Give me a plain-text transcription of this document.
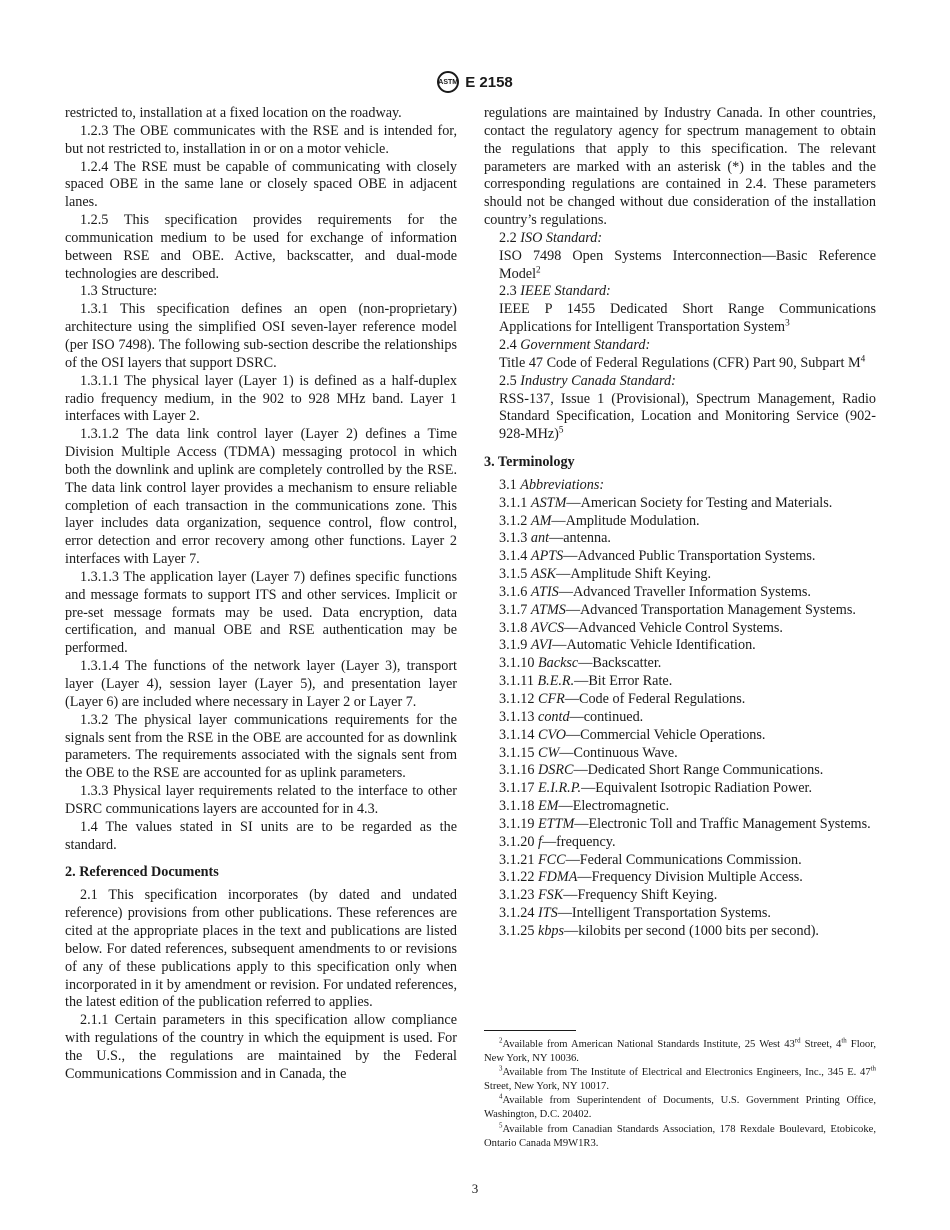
ASTM E 2158

restricted to, installation at a fixed location on the roadway.

1.2.3 The OBE communicates with the RSE and is intended for, but not restricted to, installation in or on a motor vehicle.

1.2.4 The RSE must be capable of communicating with closely spaced OBE in the same lane or closely spaced OBE in adjacent lanes.

1.2.5 This specification provides requirements for the communication medium to be used for exchange of information between RSE and OBE. Active, backscatter, and dual-mode technologies are described.

1.3 Structure:

1.3.1 This specification defines an open (non-proprietary) architecture using the simplified OSI seven-layer reference model (per ISO 7498). The following sub-section describe the relationships of the OSI layers that support DSRC.

1.3.1.1 The physical layer (Layer 1) is defined as a half-duplex radio frequency medium, in the 902 to 928 MHz band. Layer 1 interfaces with Layer 2.

1.3.1.2 The data link control layer (Layer 2) defines a Time Division Multiple Access (TDMA) messaging protocol in which both the downlink and uplink are completely controlled by the RSE. The data link control layer provides a mechanism to ensure reliable completion of each transaction in the communications zone. This layer includes data organization, sequence control, flow control, error detection and error recovery among other functions. Layer 2 interfaces with Layer 7.

1.3.1.3 The application layer (Layer 7) defines specific functions and message formats to support ITS and other services. Implicit or pre-set message formats may be used. Data encryption, data certification, and manual OBE and RSE authentication may be performed.

1.3.1.4 The functions of the network layer (Layer 3), transport layer (Layer 4), session layer (Layer 5), and presentation layer (Layer 6) are included where necessary in Layer 2 or Layer 7.

1.3.2 The physical layer communications requirements for the signals sent from the RSE in the OBE are accounted for as downlink parameters. The requirements associated with the signals sent from the OBE to the RSE are accounted for as uplink parameters.

1.3.3 Physical layer requirements related to the interface to other DSRC communications layers are accounted for in 4.3.

1.4 The values stated in SI units are to be regarded as the standard.

2. Referenced Documents

2.1 This specification incorporates (by dated and undated reference) provisions from other publications. These references are cited at the appropriate places in the text and publications are listed below. For dated references, subsequent amendments to or revisions of any of these publications apply to this specification only when incorporated in it by amendment or revision. For undated references, the latest edition of the publication referred to applies.

2.1.1 Certain parameters in this specification allow compliance with regulations of the country in which the equipment is used. For the U.S., the regulations are maintained by the Federal Communications Commission and in Canada, the

regulations are maintained by Industry Canada. In other countries, contact the regulatory agency for spectrum management to obtain the regulations that apply to this specification. The relevant parameters are marked with an asterisk (*) in the tables and the corresponding regulations are contained in 2.4. These parameters should not be changed without due consideration of the installation country’s regulations.

2.2 ISO Standard:

ISO 7498 Open Systems Interconnection—Basic Reference Model$^2$

2.3 IEEE Standard:

IEEE P 1455 Dedicated Short Range Communications Applications for Intelligent Transportation System$^3$

2.4 Government Standard:

Title 47 Code of Federal Regulations (CFR) Part 90, Subpart $M^4$

2.5 Industry Canada Standard:

RSS-137, Issue 1 (Provisional), Spectrum Management, Radio Standard Specification, Location and Monitoring Service $(902-928-MHz)^5$

3. Terminology

3.1 Abbreviations:

3.1.1 ASTM—American Society for Testing and Materials.

3.1.2 AM—Amplitude Modulation.

3.1.3 ant—antenna.

3.1.4 APTS—Advanced Public Transportation Systems.

3.1.5 ASK—Amplitude Shift Keying.

3.1.6 ATIS—Advanced Traveller Information Systems.

3.1.7 ATMS—Advanced Transportation Management Systems.

3.1.8 AVCS—Advanced Vehicle Control Systems.

3.1.9 AVI—Automatic Vehicle Identification.

3.1.10 Backsc—Backscatter.

3.1.11 B.E.R.—Bit Error Rate.

3.1.12 CFR—Code of Federal Regulations.

3.1.13 contd—continued.

3.1.14 CVO—Commercial Vehicle Operations.

3.1.15 CW—Continuous Wave.

3.1.16 DSRC—Dedicated Short Range Communications.

3.1.17 E.I.R.P.—Equivalent Isotropic Radiation Power.

3.1.18 EM—Electromagnetic.

3.1.19 ETTM—Electronic Toll and Traffic Management Systems.

3.1.20 f—frequency.

3.1.21 FCC—Federal Communications Commission.

3.1.22 FDMA—Frequency Division Multiple Access.

3.1.23 FSK—Frequency Shift Keying.

3.1.24 ITS—Intelligent Transportation Systems.

3.1.25 kbps—kilobits per second (1000 bits per second).

$^2$Available from American National Standards Institute, 25 West 43rd Street, 4th Floor, New York, NY 10036.

$^3$Available from The Institute of Electrical and Electronics Engineers, Inc., 345 E. 47th Street, New York, NY 10017.

$^4$Available from Superintendent of Documents, U.S. Government Printing Office, Washington, D.C. 20402.

$^5$Available from Canadian Standards Association, 178 Rexdale Boulevard, Etobicoke, Ontario Canada M9W1R3.

3
